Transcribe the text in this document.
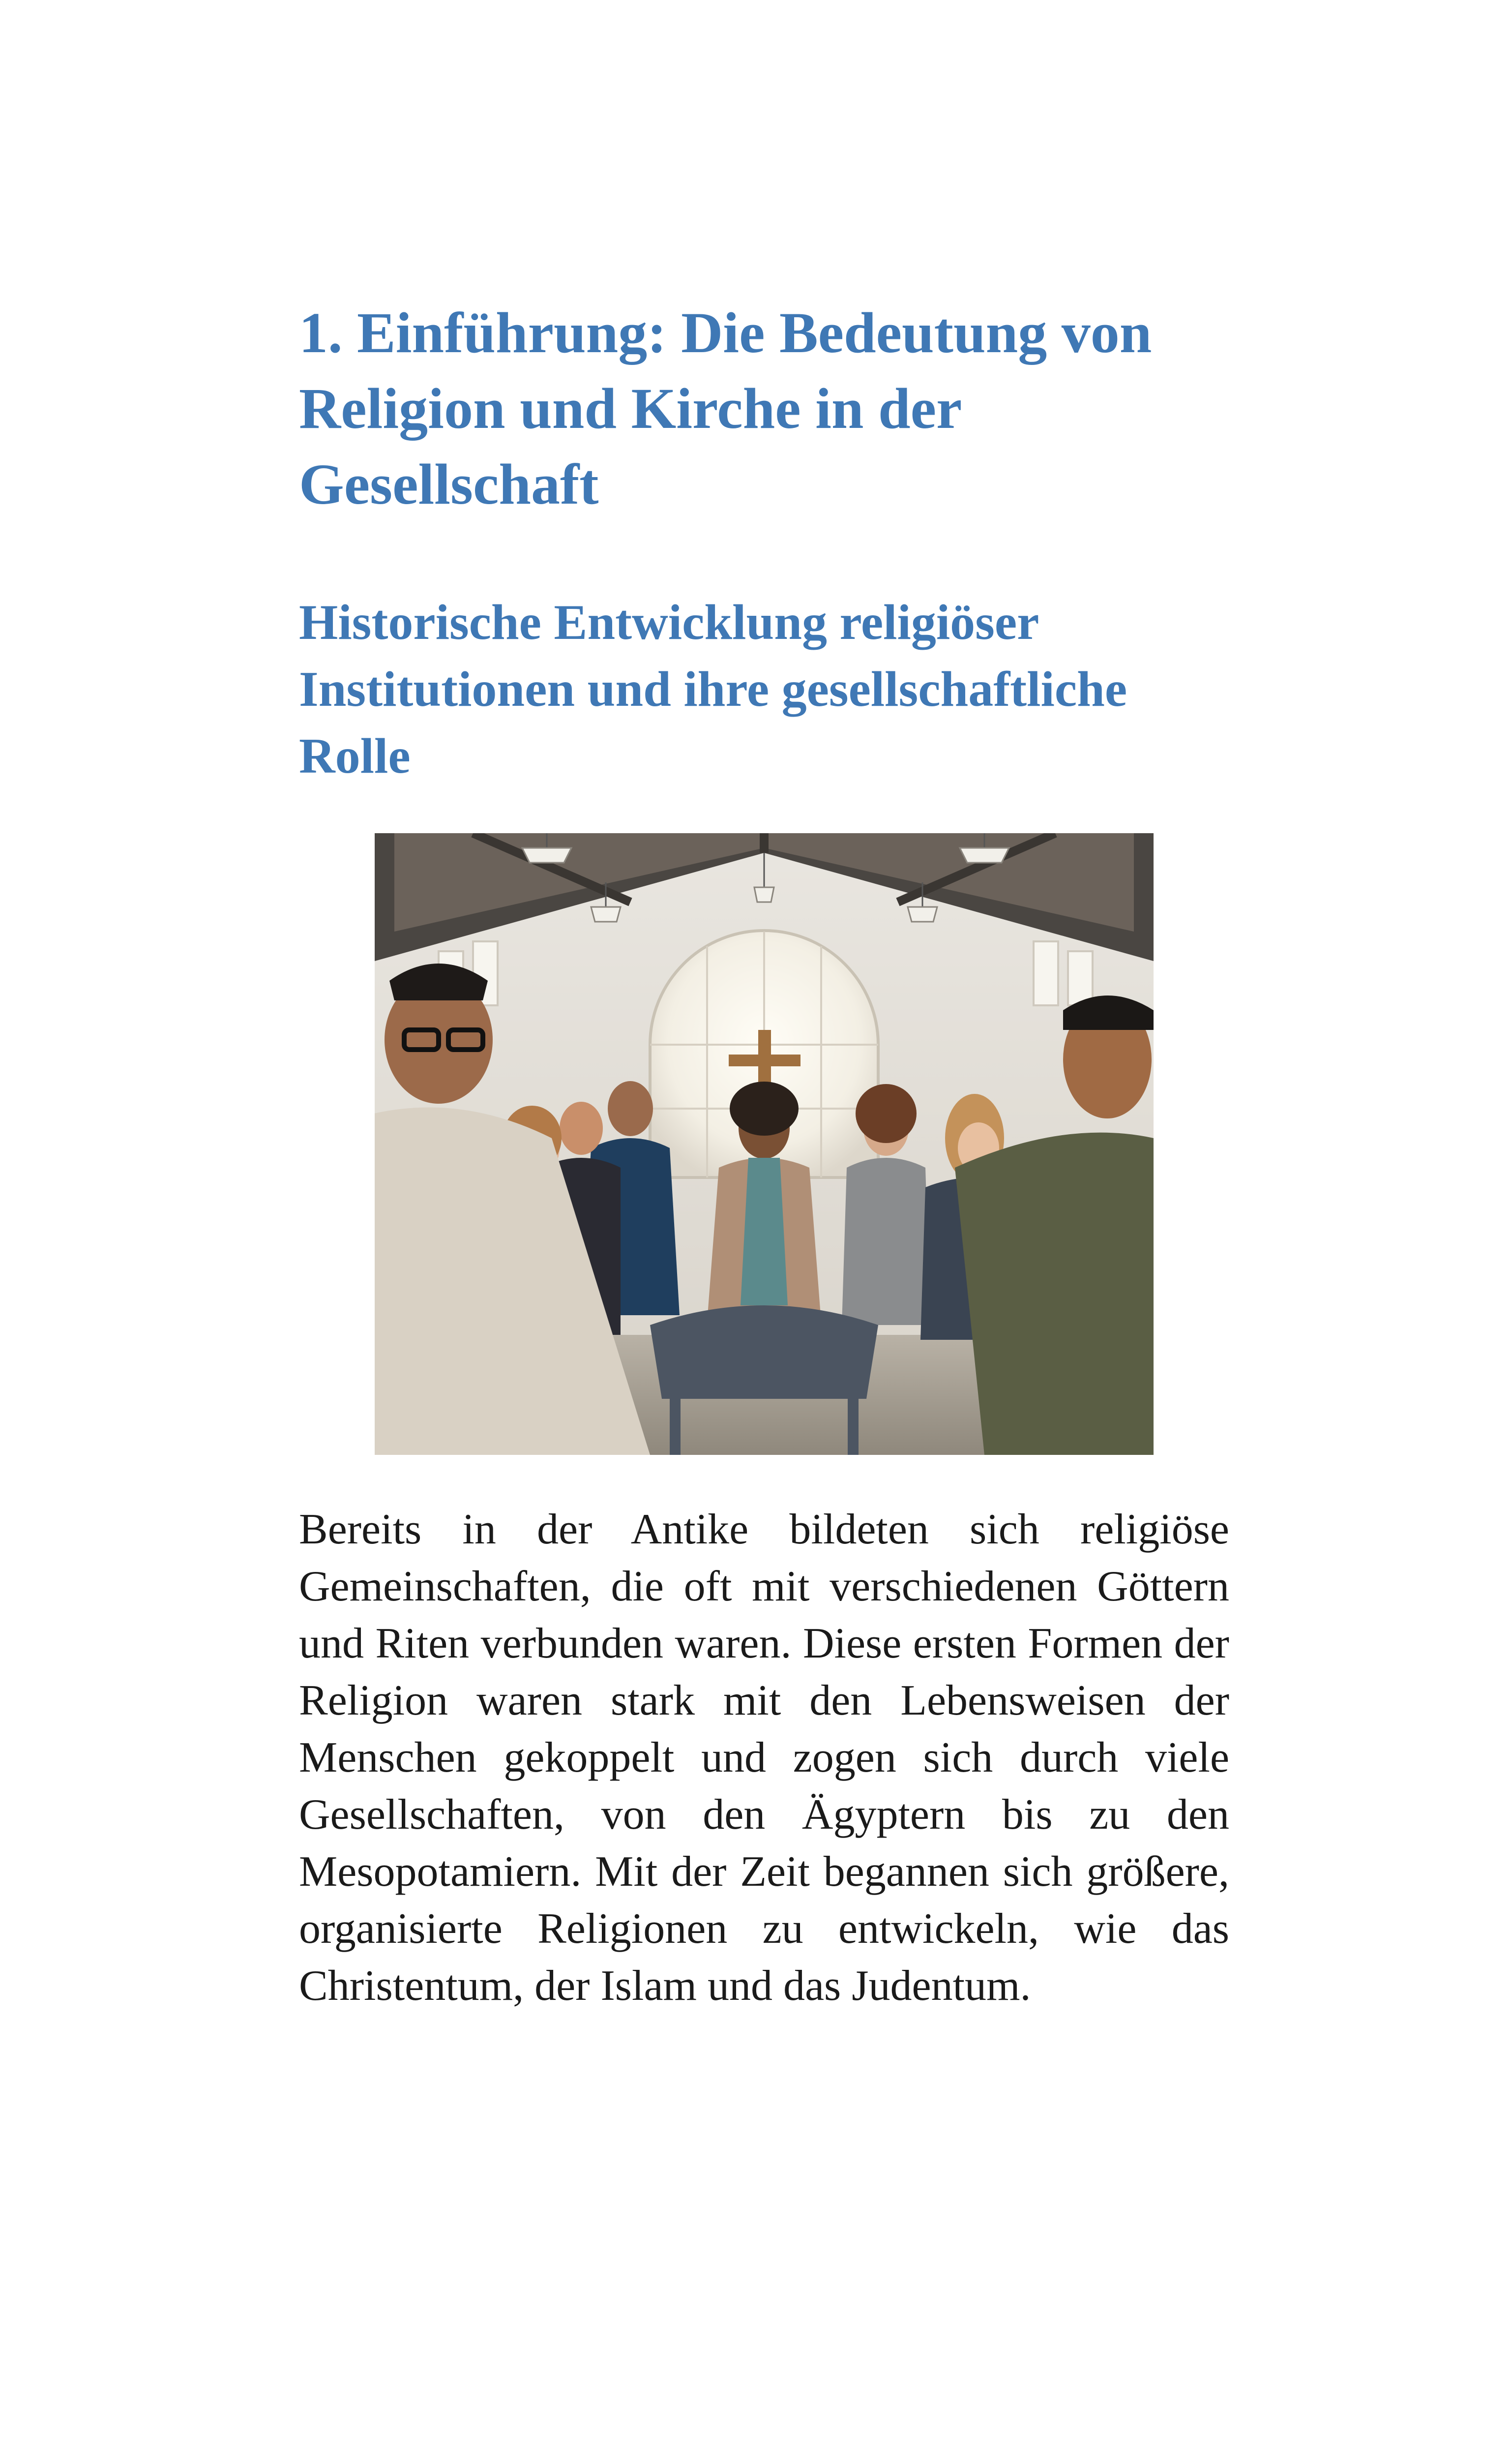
1. Einführung: Die Bedeutung von Religion und Kirche in der Gesellschaft
Historische Entwicklung religiöser Institutionen und ihre gesellschaftliche Rolle

Bereits in der Antike bildeten sich religiöse Gemeinschaften, die oft mit verschiedenen Göttern und Riten verbunden waren. Diese ersten Formen der Religion waren stark mit den Lebensweisen der Menschen gekoppelt und zogen sich durch viele Gesellschaften, von den Ägyptern bis zu den Mesopotamiern. Mit der Zeit begannen sich größere, organisierte Religionen zu entwickeln, wie das Christentum, der Islam und das Judentum.
